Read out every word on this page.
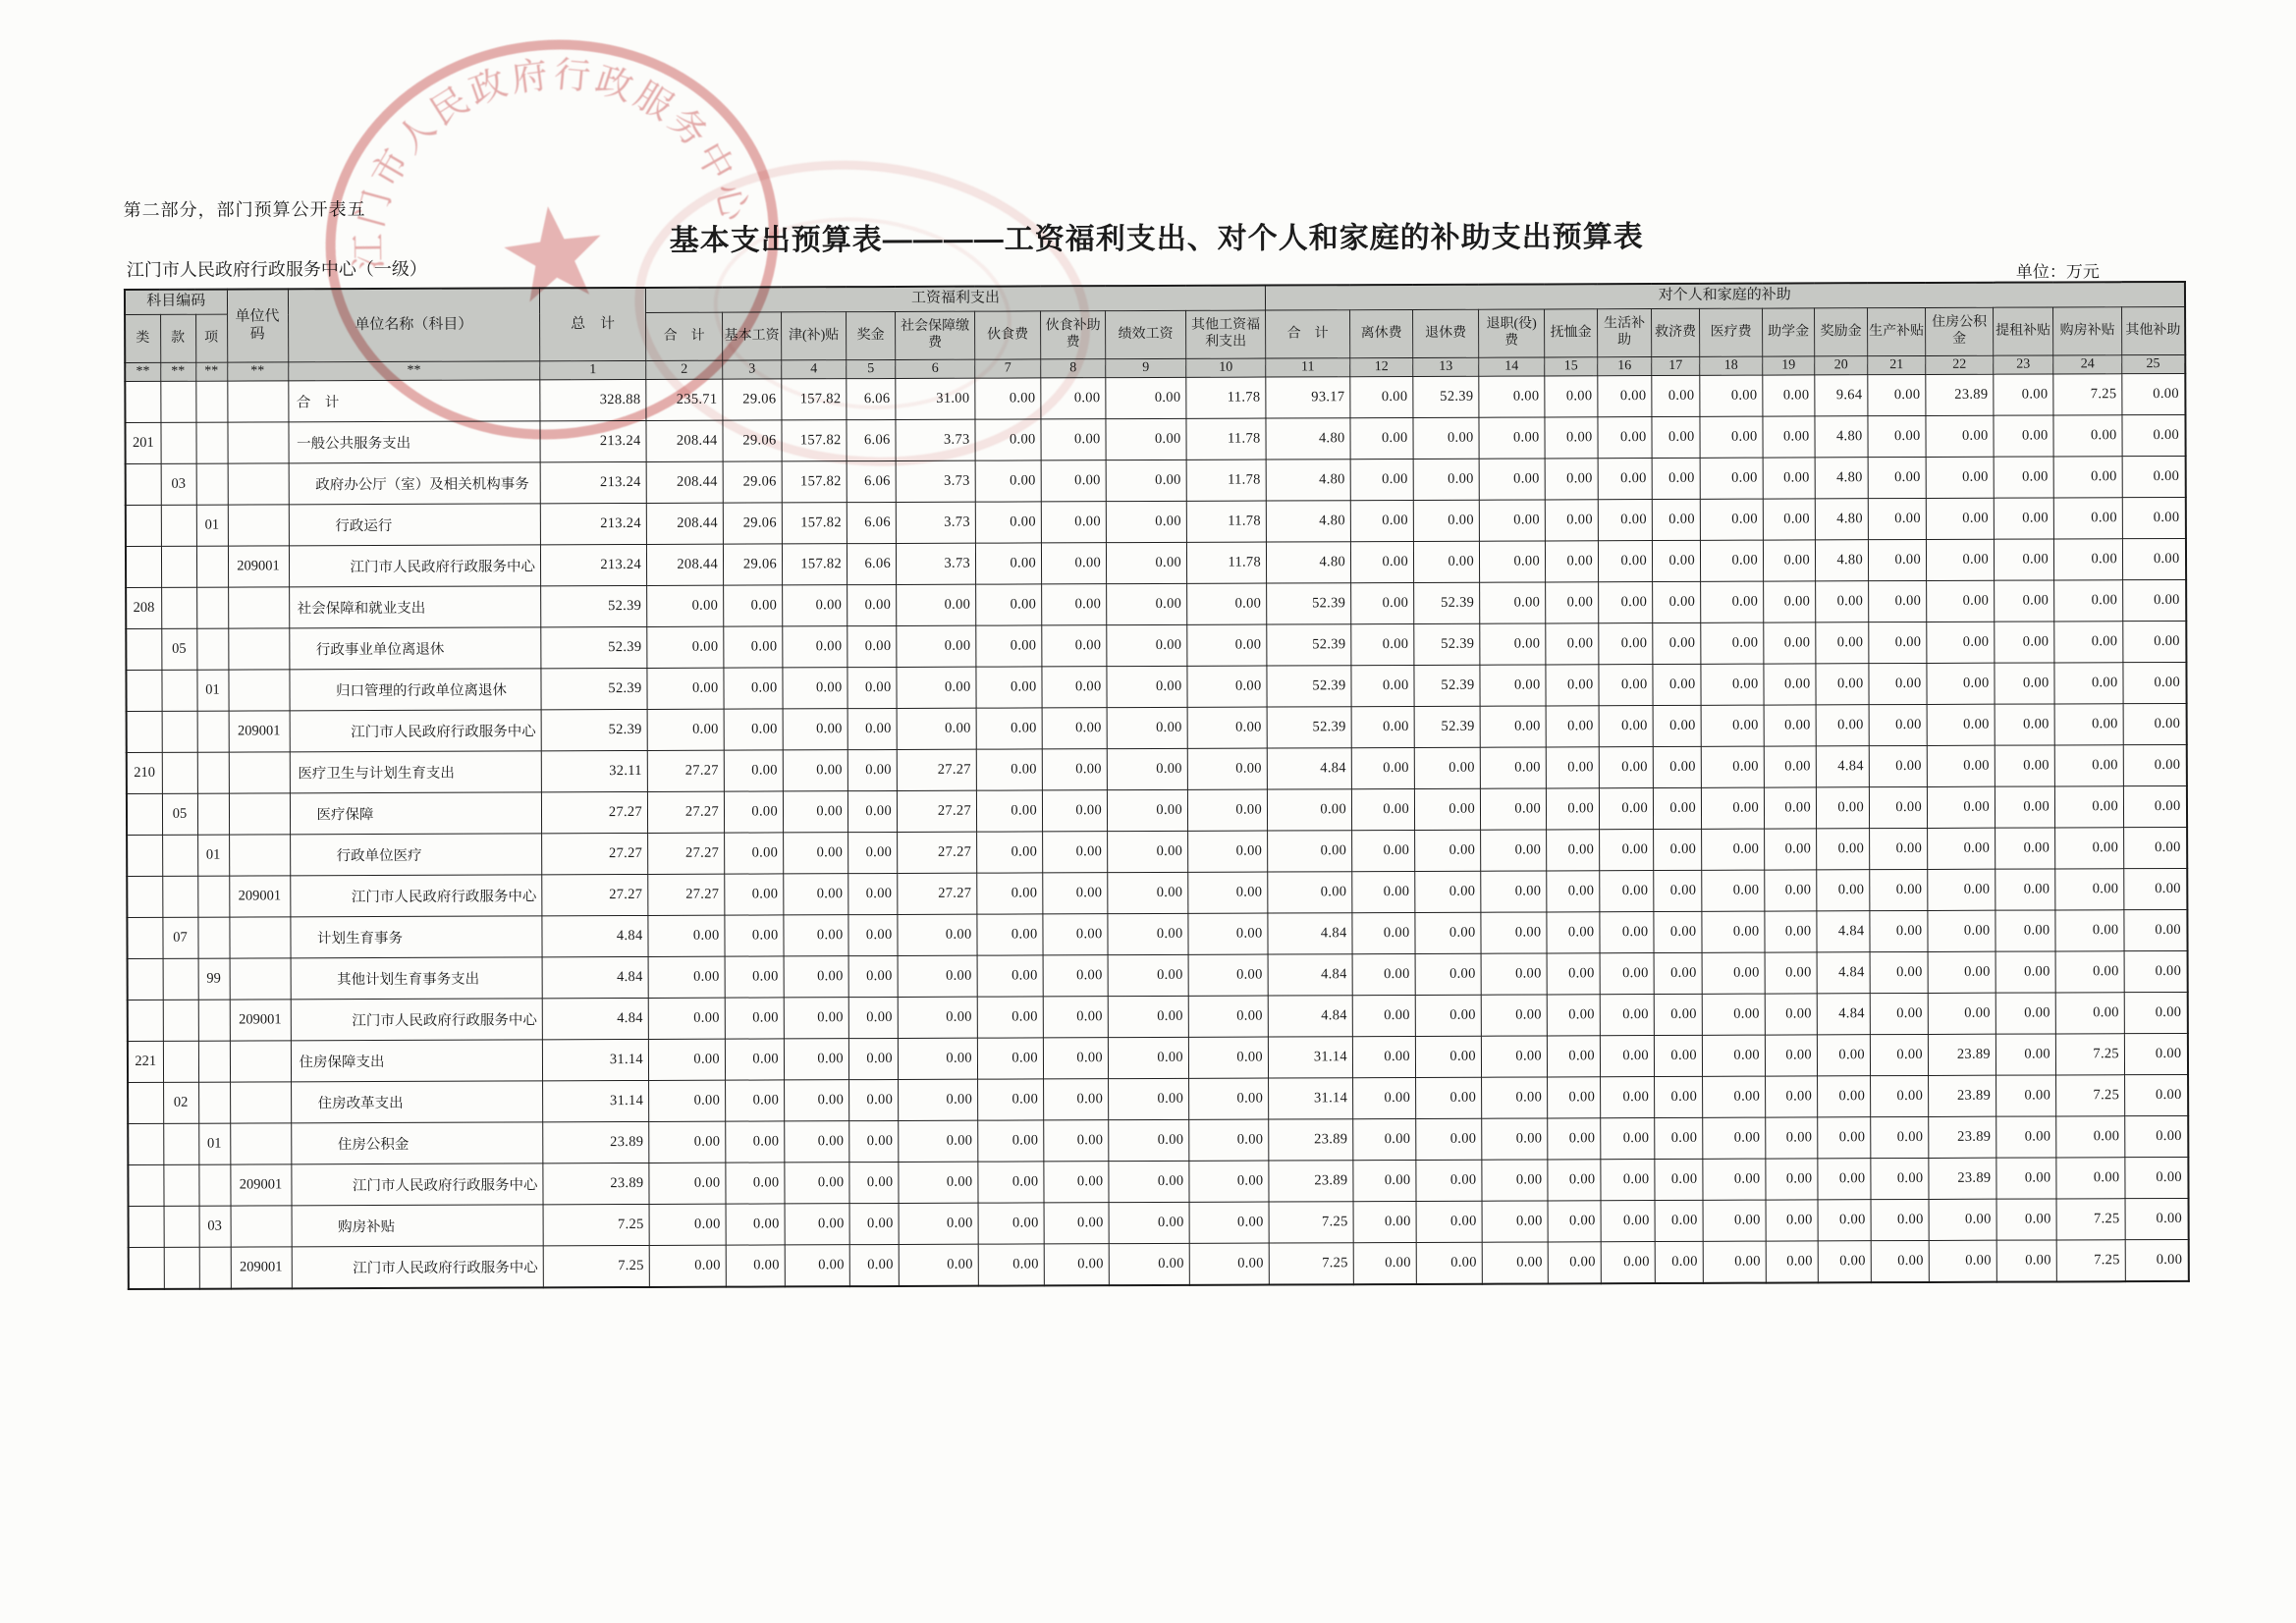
第二部分，部门预算公开表五
基本支出预算表————工资福利支出、对个人和家庭的补助支出预算表
江门市人民政府行政服务中心（一级）	单位：万元
科目编码			单位代码	单位名称（科目）	总　计	工资福利支出									对个人和家庭的补助														
类	款	项				合　计	基本工资	津(补)贴	奖金	社会保障缴费	伙食费	伙食补助费	绩效工资	其他工资福利支出	合　计	离休费	退休费	退职(役)费	抚恤金	生活补助	救济费	医疗费	助学金	奖励金	生产补贴	住房公积金	提租补贴	购房补贴	其他补助
**	**	**	**	**	1	2	3	4	5	6	7	8	9	10	11	12	13	14	15	16	17	18	19	20	21	22	23	24	25
				合　计	328.88	235.71	29.06	157.82	6.06	31.00	0.00	0.00	0.00	11.78	93.17	0.00	52.39	0.00	0.00	0.00	0.00	0.00	0.00	9.64	0.00	23.89	0.00	7.25	0.00
201				一般公共服务支出	213.24	208.44	29.06	157.82	6.06	3.73	0.00	0.00	0.00	11.78	4.80	0.00	0.00	0.00	0.00	0.00	0.00	0.00	0.00	4.80	0.00	0.00	0.00	0.00	0.00
	03			政府办公厅（室）及相关机构事务	213.24	208.44	29.06	157.82	6.06	3.73	0.00	0.00	0.00	11.78	4.80	0.00	0.00	0.00	0.00	0.00	0.00	0.00	0.00	4.80	0.00	0.00	0.00	0.00	0.00
		01		行政运行	213.24	208.44	29.06	157.82	6.06	3.73	0.00	0.00	0.00	11.78	4.80	0.00	0.00	0.00	0.00	0.00	0.00	0.00	0.00	4.80	0.00	0.00	0.00	0.00	0.00
			209001	江门市人民政府行政服务中心	213.24	208.44	29.06	157.82	6.06	3.73	0.00	0.00	0.00	11.78	4.80	0.00	0.00	0.00	0.00	0.00	0.00	0.00	0.00	4.80	0.00	0.00	0.00	0.00	0.00
208				社会保障和就业支出	52.39	0.00	0.00	0.00	0.00	0.00	0.00	0.00	0.00	0.00	52.39	0.00	52.39	0.00	0.00	0.00	0.00	0.00	0.00	0.00	0.00	0.00	0.00	0.00	0.00
	05			行政事业单位离退休	52.39	0.00	0.00	0.00	0.00	0.00	0.00	0.00	0.00	0.00	52.39	0.00	52.39	0.00	0.00	0.00	0.00	0.00	0.00	0.00	0.00	0.00	0.00	0.00	0.00
		01		归口管理的行政单位离退休	52.39	0.00	0.00	0.00	0.00	0.00	0.00	0.00	0.00	0.00	52.39	0.00	52.39	0.00	0.00	0.00	0.00	0.00	0.00	0.00	0.00	0.00	0.00	0.00	0.00
			209001	江门市人民政府行政服务中心	52.39	0.00	0.00	0.00	0.00	0.00	0.00	0.00	0.00	0.00	52.39	0.00	52.39	0.00	0.00	0.00	0.00	0.00	0.00	0.00	0.00	0.00	0.00	0.00	0.00
210				医疗卫生与计划生育支出	32.11	27.27	0.00	0.00	0.00	27.27	0.00	0.00	0.00	0.00	4.84	0.00	0.00	0.00	0.00	0.00	0.00	0.00	0.00	4.84	0.00	0.00	0.00	0.00	0.00
	05			医疗保障	27.27	27.27	0.00	0.00	0.00	27.27	0.00	0.00	0.00	0.00	0.00	0.00	0.00	0.00	0.00	0.00	0.00	0.00	0.00	0.00	0.00	0.00	0.00	0.00	0.00
		01		行政单位医疗	27.27	27.27	0.00	0.00	0.00	27.27	0.00	0.00	0.00	0.00	0.00	0.00	0.00	0.00	0.00	0.00	0.00	0.00	0.00	0.00	0.00	0.00	0.00	0.00	0.00
			209001	江门市人民政府行政服务中心	27.27	27.27	0.00	0.00	0.00	27.27	0.00	0.00	0.00	0.00	0.00	0.00	0.00	0.00	0.00	0.00	0.00	0.00	0.00	0.00	0.00	0.00	0.00	0.00	0.00
	07			计划生育事务	4.84	0.00	0.00	0.00	0.00	0.00	0.00	0.00	0.00	0.00	4.84	0.00	0.00	0.00	0.00	0.00	0.00	0.00	0.00	4.84	0.00	0.00	0.00	0.00	0.00
		99		其他计划生育事务支出	4.84	0.00	0.00	0.00	0.00	0.00	0.00	0.00	0.00	0.00	4.84	0.00	0.00	0.00	0.00	0.00	0.00	0.00	0.00	4.84	0.00	0.00	0.00	0.00	0.00
			209001	江门市人民政府行政服务中心	4.84	0.00	0.00	0.00	0.00	0.00	0.00	0.00	0.00	0.00	4.84	0.00	0.00	0.00	0.00	0.00	0.00	0.00	0.00	4.84	0.00	0.00	0.00	0.00	0.00
221				住房保障支出	31.14	0.00	0.00	0.00	0.00	0.00	0.00	0.00	0.00	0.00	31.14	0.00	0.00	0.00	0.00	0.00	0.00	0.00	0.00	0.00	0.00	23.89	0.00	7.25	0.00
	02			住房改革支出	31.14	0.00	0.00	0.00	0.00	0.00	0.00	0.00	0.00	0.00	31.14	0.00	0.00	0.00	0.00	0.00	0.00	0.00	0.00	0.00	0.00	23.89	0.00	7.25	0.00
		01		住房公积金	23.89	0.00	0.00	0.00	0.00	0.00	0.00	0.00	0.00	0.00	23.89	0.00	0.00	0.00	0.00	0.00	0.00	0.00	0.00	0.00	0.00	23.89	0.00	0.00	0.00
			209001	江门市人民政府行政服务中心	23.89	0.00	0.00	0.00	0.00	0.00	0.00	0.00	0.00	0.00	23.89	0.00	0.00	0.00	0.00	0.00	0.00	0.00	0.00	0.00	0.00	23.89	0.00	0.00	0.00
		03		购房补贴	7.25	0.00	0.00	0.00	0.00	0.00	0.00	0.00	0.00	0.00	7.25	0.00	0.00	0.00	0.00	0.00	0.00	0.00	0.00	0.00	0.00	0.00	0.00	7.25	0.00
			209001	江门市人民政府行政服务中心	7.25	0.00	0.00	0.00	0.00	0.00	0.00	0.00	0.00	0.00	7.25	0.00	0.00	0.00	0.00	0.00	0.00	0.00	0.00	0.00	0.00	0.00	0.00	7.25	0.00
江门市人民政府行政服务中心
